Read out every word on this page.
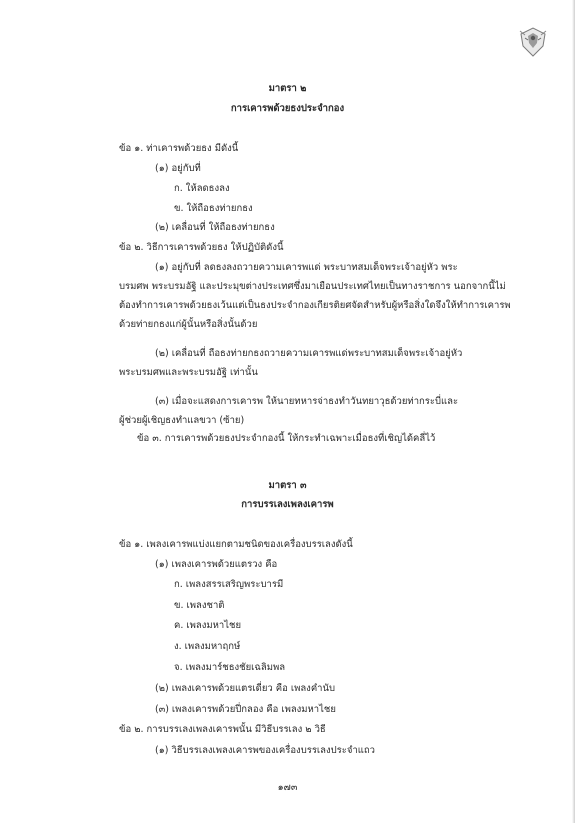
มาตรา ๒
การเคารพด้วยธงประจำกอง
ข้อ ๑. ท่าเคารพด้วยธง มีดังนี้
(๑) อยู่กับที่
ก. ให้ลดธงลง
ข. ให้ถือธงท่ายกธง
(๒) เคลื่อนที่ ให้ถือธงท่ายกธง
ข้อ ๒. วิธีการเคารพด้วยธง ให้ปฏิบัติดังนี้
(๑) อยู่กับที่ ลดธงลงถวายความเคารพแด่ พระบาทสมเด็จพระเจ้าอยู่หัว พระ
บรมศพ พระบรมอัฐิ และประมุขต่างประเทศซึ่งมาเยือนประเทศไทยเป็นทางราชการ นอกจากนี้ไม่
ต้องทำการเคารพด้วยธงเว้นแต่เป็นธงประจำกองเกียรติยศจัดสำหรับผู้หรือสิ่งใดจึงให้ทำการเคารพ
ด้วยท่ายกธงแก่ผู้นั้นหรือสิ่งนั้นด้วย
(๒) เคลื่อนที่ ถือธงท่ายกธงถวายความเคารพแด่พระบาทสมเด็จพระเจ้าอยู่หัว
พระบรมศพและพระบรมอัฐิ เท่านั้น
(๓) เมื่อจะแสดงการเคารพ ให้นายทหารจ่าธงทำวันทยาวุธด้วยท่ากระบี่และ
ผู้ช่วยผู้เชิญธงทำแลขวา (ซ้าย)
ข้อ ๓. การเคารพด้วยธงประจำกองนี้ ให้กระทำเฉพาะเมื่อธงที่เชิญได้คลี่ไว้
มาตรา ๓
การบรรเลงเพลงเคารพ
ข้อ ๑. เพลงเคารพแบ่งแยกตามชนิดของเครื่องบรรเลงดังนี้
(๑) เพลงเคารพด้วยแตรวง คือ
ก. เพลงสรรเสริญพระบารมี
ข. เพลงชาติ
ค. เพลงมหาไชย
ง. เพลงมหาฤกษ์
จ. เพลงมาร์ชธงชัยเฉลิมพล
(๒) เพลงเคารพด้วยแตรเดี่ยว คือ เพลงคำนับ
(๓) เพลงเคารพด้วยปี่กลอง คือ เพลงมหาไชย
ข้อ ๒. การบรรเลงเพลงเคารพนั้น มีวิธีบรรเลง ๒ วิธี
(๑) วิธีบรรเลงเพลงเคารพของเครื่องบรรเลงประจำแถว
๑๗๓
